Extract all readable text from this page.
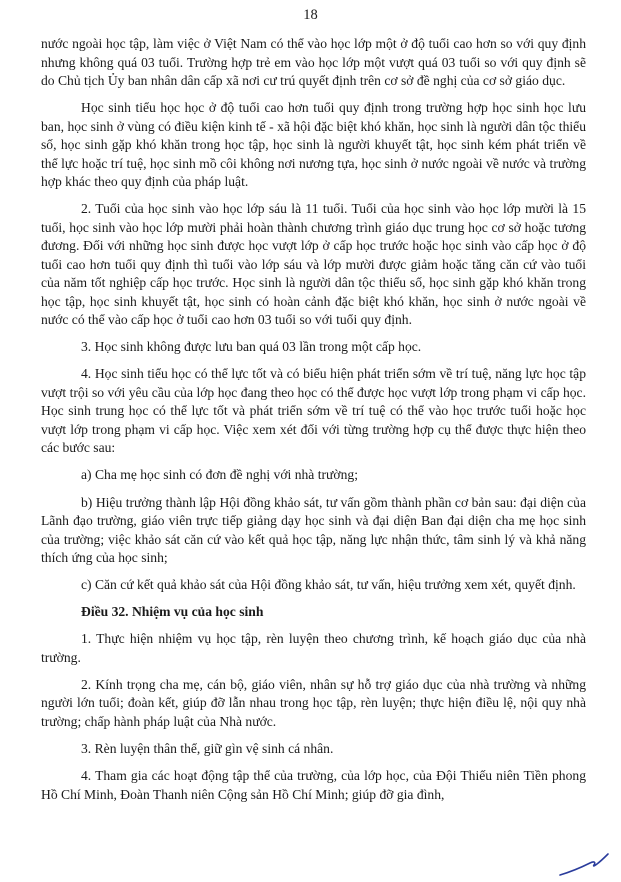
18

nước ngoài học tập, làm việc ở Việt Nam có thể vào học lớp một ở độ tuổi cao hơn so với quy định nhưng không quá 03 tuổi. Trường hợp trẻ em vào học lớp một vượt quá 03 tuổi so với quy định sẽ do Chủ tịch Ủy ban nhân dân cấp xã nơi cư trú quyết định trên cơ sở đề nghị của cơ sở giáo dục.

Học sinh tiểu học học ở độ tuổi cao hơn tuổi quy định trong trường hợp học sinh học lưu ban, học sinh ở vùng có điều kiện kinh tế - xã hội đặc biệt khó khăn, học sinh là người dân tộc thiểu số, học sinh gặp khó khăn trong học tập, học sinh là người khuyết tật, học sinh kém phát triển về thể lực hoặc trí tuệ, học sinh mồ côi không nơi nương tựa, học sinh ở nước ngoài về nước và trường hợp khác theo quy định của pháp luật.

2. Tuổi của học sinh vào học lớp sáu là 11 tuổi. Tuổi của học sinh vào học lớp mười là 15 tuổi, học sinh vào học lớp mười phải hoàn thành chương trình giáo dục trung học cơ sở hoặc tương đương. Đối với những học sinh được học vượt lớp ở cấp học trước hoặc học sinh vào cấp học ở độ tuổi cao hơn tuổi quy định thì tuổi vào lớp sáu và lớp mười được giảm hoặc tăng căn cứ vào tuổi của năm tốt nghiệp cấp học trước. Học sinh là người dân tộc thiểu số, học sinh gặp khó khăn trong học tập, học sinh khuyết tật, học sinh có hoàn cảnh đặc biệt khó khăn, học sinh ở nước ngoài về nước có thể vào cấp học ở tuổi cao hơn 03 tuổi so với tuổi quy định.

3. Học sinh không được lưu ban quá 03 lần trong một cấp học.

4. Học sinh tiểu học có thể lực tốt và có biểu hiện phát triển sớm về trí tuệ, năng lực học tập vượt trội so với yêu cầu của lớp học đang theo học có thể được học vượt lớp trong phạm vi cấp học. Học sinh trung học có thể lực tốt và phát triển sớm về trí tuệ có thể vào học trước tuổi hoặc học vượt lớp trong phạm vi cấp học. Việc xem xét đối với từng trường hợp cụ thể được thực hiện theo các bước sau:

a) Cha mẹ học sinh có đơn đề nghị với nhà trường;

b) Hiệu trưởng thành lập Hội đồng khảo sát, tư vấn gồm thành phần cơ bản sau: đại diện của Lãnh đạo trường, giáo viên trực tiếp giảng dạy học sinh và đại diện Ban đại diện cha mẹ học sinh của trường; việc khảo sát căn cứ vào kết quả học tập, năng lực nhận thức, tâm sinh lý và khả năng thích ứng của học sinh;

c) Căn cứ kết quả khảo sát của Hội đồng khảo sát, tư vấn, hiệu trưởng xem xét, quyết định.

Điều 32. Nhiệm vụ của học sinh

1. Thực hiện nhiệm vụ học tập, rèn luyện theo chương trình, kế hoạch giáo dục của nhà trường.

2. Kính trọng cha mẹ, cán bộ, giáo viên, nhân sự hỗ trợ giáo dục của nhà trường và những người lớn tuổi; đoàn kết, giúp đỡ lẫn nhau trong học tập, rèn luyện; thực hiện điều lệ, nội quy nhà trường; chấp hành pháp luật của Nhà nước.

3. Rèn luyện thân thể, giữ gìn vệ sinh cá nhân.

4. Tham gia các hoạt động tập thể của trường, của lớp học, của Đội Thiếu niên Tiền phong Hồ Chí Minh, Đoàn Thanh niên Cộng sản Hồ Chí Minh; giúp đỡ gia đình,
